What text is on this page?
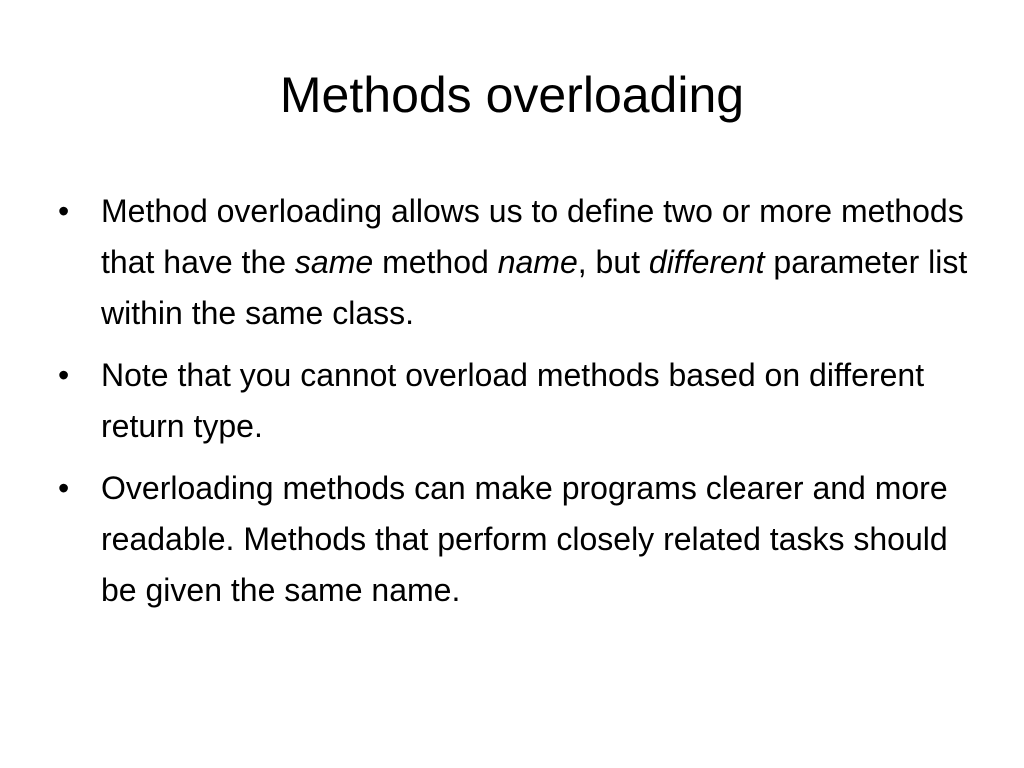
Methods overloading
• Method overloading allows us to define two or more methods that have the same method name, but different parameter list within the same class.
• Note that you cannot overload methods based on different return type.
• Overloading methods can make programs clearer and more readable. Methods that perform closely related tasks should be given the same name.
